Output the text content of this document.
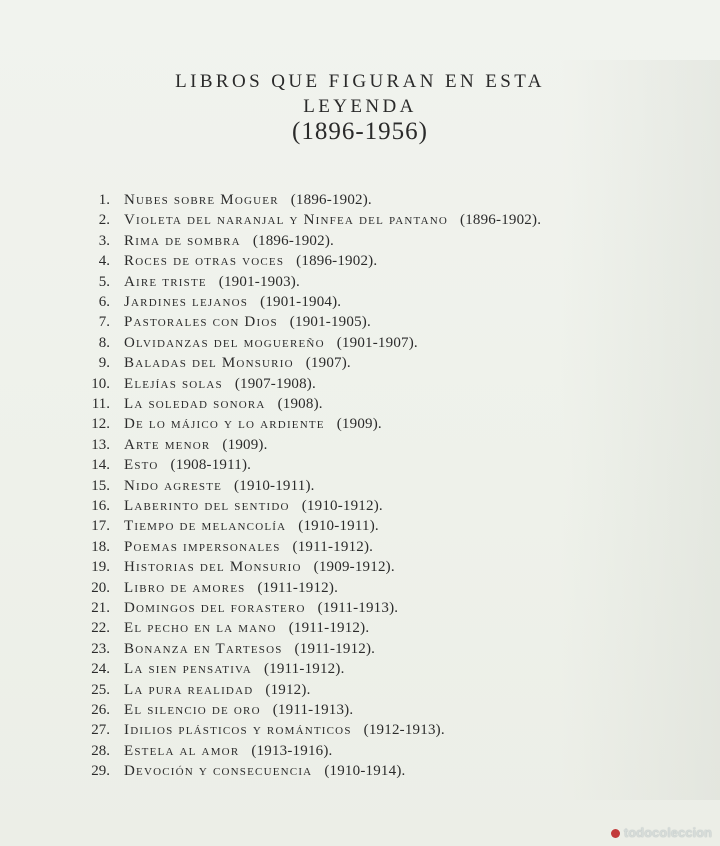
LIBROS QUE FIGURAN EN ESTA
LEYENDA
(1896-1956)
1. Nubes sobre Moguer (1896-1902).
2. Violeta del naranjal y Ninfea del pantano (1896-1902).
3. Rima de sombra (1896-1902).
4. Roces de otras voces (1896-1902).
5. Aire triste (1901-1903).
6. Jardines lejanos (1901-1904).
7. Pastorales con Dios (1901-1905).
8. Olvidanzas del moguereño (1901-1907).
9. Baladas del Monsurio (1907).
10. Elejías solas (1907-1908).
11. La soledad sonora (1908).
12. De lo májico y lo ardiente (1909).
13. Arte menor (1909).
14. Esto (1908-1911).
15. Nido agreste (1910-1911).
16. Laberinto del sentido (1910-1912).
17. Tiempo de melancolía (1910-1911).
18. Poemas impersonales (1911-1912).
19. Historias del Monsurio (1909-1912).
20. Libro de amores (1911-1912).
21. Domingos del forastero (1911-1913).
22. El pecho en la mano (1911-1912).
23. Bonanza en Tartesos (1911-1912).
24. La sien pensativa (1911-1912).
25. La pura realidad (1912).
26. El silencio de oro (1911-1913).
27. Idilios plásticos y románticos (1912-1913).
28. Estela al amor (1913-1916).
29. Devoción y consecuencia (1910-1914).
todocoleccion
